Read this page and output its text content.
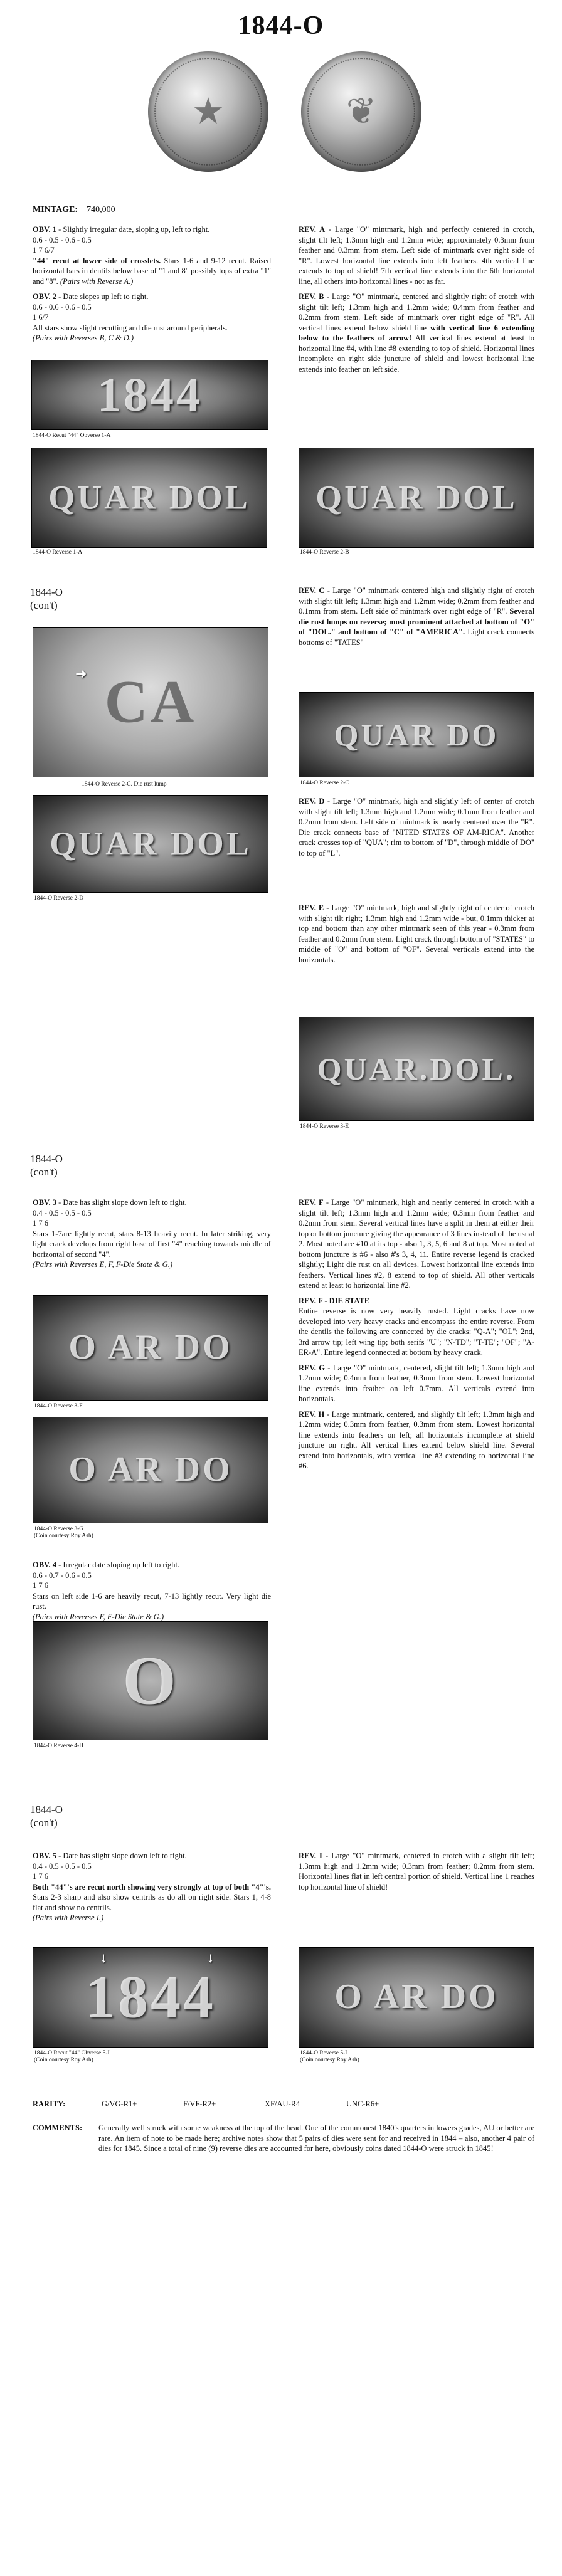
1844-O
★	❦
MINTAGE: 740,000

OBV. 1 - Slightly irregular date, sloping up, left to right.
0.6 - 0.5 - 0.6 - 0.5
1 7 6/7
"44" recut at lower side of crosslets. Stars 1-6 and 9-12 recut. Raised horizontal bars in dentils below base of "1 and 8" possibly tops of extra "1" and "8". (Pairs with Reverse A.)

OBV. 2 - Date slopes up left to right.
0.6 - 0.6 - 0.6 - 0.5
1 6/7
All stars show slight recutting and die rust around peripherals.
(Pairs with Reverses B, C & D.)

REV. A - Large "O" mintmark, high and perfectly centered in crotch, slight tilt left; 1.3mm high and 1.2mm wide; approximately 0.3mm from feather and 0.3mm from stem. Left side of mintmark over right side of "R". Lowest horizontal line extends into left feathers. 4th vertical line extends to top of shield! 7th vertical line extends into the 6th horizontal line, all others into horizontal lines - not as far.

REV. B - Large "O" mintmark, centered and slightly right of crotch with slight tilt left; 1.3mm high and 1.2mm wide; 0.4mm from feather and 0.2mm from stem. Left side of mintmark over right edge of "R". All vertical lines extend below shield line with vertical line 6 extending below to the feathers of arrow! All vertical lines extend at least to horizontal line #4, with line #8 extending to top of shield. Horizontal lines incomplete on right side juncture of shield and lowest horizontal line extends into feather on left side.

1844
1844-O Recut "44" Obverse 1-A
QUAR DOL
1844-O Reverse 1-A
QUAR DOL
1844-O Reverse 2-B
1844-O
(con't)
CA
➜
1844-O Reverse 2-C. Die rust lump

REV. C - Large "O" mintmark centered high and slightly right of crotch with slight tilt left; 1.3mm high and 1.2mm wide; 0.2mm from feather and 0.1mm from stem. Left side of mintmark over right edge of "R". Several die rust lumps on reverse; most prominent attached at bottom of "O" of "DOL." and bottom of "C" of "AMERICA". Light crack connects bottoms of "TATES"

QUAR DO
1844-O Reverse 2-C
QUAR DOL
1844-O Reverse 2-D

REV. D - Large "O" mintmark, high and slightly left of center of crotch with slight tilt left; 1.3mm high and 1.2mm wide; 0.1mm from feather and 0.2mm from stem. Left side of mintmark is nearly centered over the "R". Die crack connects base of "NITED STATES OF AM-RICA". Another crack crosses top of "QUA"; rim to bottom of "D", through middle of DO" to top of "L".

REV. E - Large "O" mintmark, high and slightly right of center of crotch with slight tilt right; 1.3mm high and 1.2mm wide - but, 0.1mm thicker at top and bottom than any other mintmark seen of this year - 0.3mm from feather and 0.2mm from stem. Light crack through bottom of "STATES" to middle of "O" and bottom of "OF". Several verticals extend into the horizontals.

QUAR.DOL.
1844-O Reverse 3-E
1844-O
(con't)

OBV. 3 - Date has slight slope down left to right.
0.4 - 0.5 - 0.5 - 0.5
1 7 6
Stars 1-7are lightly recut, stars 8-13 heavily recut. In later striking, very light crack develops from right base of first "4" reaching towards middle of horizontal of second "4".
(Pairs with Reverses E, F, F-Die State & G.)

O AR DO
1844-O Reverse 3-F
O AR DO
1844-O Reverse 3-G
(Coin courtesy Roy Ash)

OBV. 4 - Irregular date sloping up left to right.
0.6 - 0.7 - 0.6 - 0.5
1 7 6
Stars on left side 1-6 are heavily recut, 7-13 lightly recut. Very light die rust.
(Pairs with Reverses F, F-Die State & G.)

O
1844-O Reverse 4-H

REV. F - Large "O" mintmark, high and nearly centered in crotch with a slight tilt left; 1.3mm high and 1.2mm wide; 0.3mm from feather and 0.2mm from stem. Several vertical lines have a split in them at either their top or bottom juncture giving the appearance of 3 lines instead of the usual 2. Most noted are #10 at its top - also 1, 3, 5, 6 and 8 at top. Most noted at bottom juncture is #6 - also #'s 3, 4, 11. Entire reverse legend is cracked slightly; Light die rust on all devices. Lowest horizontal line extends into feathers. Vertical lines #2, 8 extend to top of shield. All other verticals extend at least to horizontal line #2.

REV. F - DIE STATE
Entire reverse is now very heavily rusted. Light cracks have now developed into very heavy cracks and encompass the entire reverse. From the dentils the following are connected by die cracks: "Q-A"; "OL"; 2nd, 3rd arrow tip; left wing tip; both serifs "U"; "N-TD"; "T-TE"; "OF"; "A-ER-A". Entire legend connected at bottom by heavy crack.

REV. G - Large "O" mintmark, centered, slight tilt left; 1.3mm high and 1.2mm wide; 0.4mm from feather, 0.3mm from stem. Lowest horizontal line extends into feather on left 0.7mm. All verticals extend into horizontals.

REV. H - Large mintmark, centered, and slightly tilt left; 1.3mm high and 1.2mm wide; 0.3mm from feather, 0.3mm from stem. Lowest horizontal line extends into feathers on left; all horizontals incomplete at shield juncture on right. All vertical lines extend below shield line. Several extend into horizontals, with vertical line #3 extending to horizontal line #6.

1844-O
(con't)

OBV. 5 - Date has slight slope down left to right.
0.4 - 0.5 - 0.5 - 0.5
1 7 6
Both "44"'s are recut north showing very strongly at top of both "4"'s. Stars 2-3 sharp and also show centrils as do all on right side. Stars 1, 4-8 flat and show no centrils.
(Pairs with Reverse I.)

REV. I - Large "O" mintmark, centered in crotch with a slight tilt left; 1.3mm high and 1.2mm wide; 0.3mm from feather; 0.2mm from stem. Horizontal lines flat in left central portion of shield. Vertical line 1 reaches top horizontal line of shield!

1844
↓	↓
1844-O Recut "44" Obverse 5-I
(Coin courtesy Roy Ash)
O AR DO
1844-O Reverse 5-I
(Coin courtesy Roy Ash)
RARITY:	G/VG-R1+	F/VF-R2+	XF/AU-R4	UNC-R6+
COMMENTS:	Generally well struck with some weakness at the top of the head. One of the commonest 1840's quarters in lowers grades, AU or better are rare. An item of note to be made here; archive notes show that 5 pairs of dies were sent for and received in 1844 – also, another 4 pair of dies for 1845. Since a total of nine (9) reverse dies are accounted for here, obviously coins dated 1844-O were struck in 1845!
